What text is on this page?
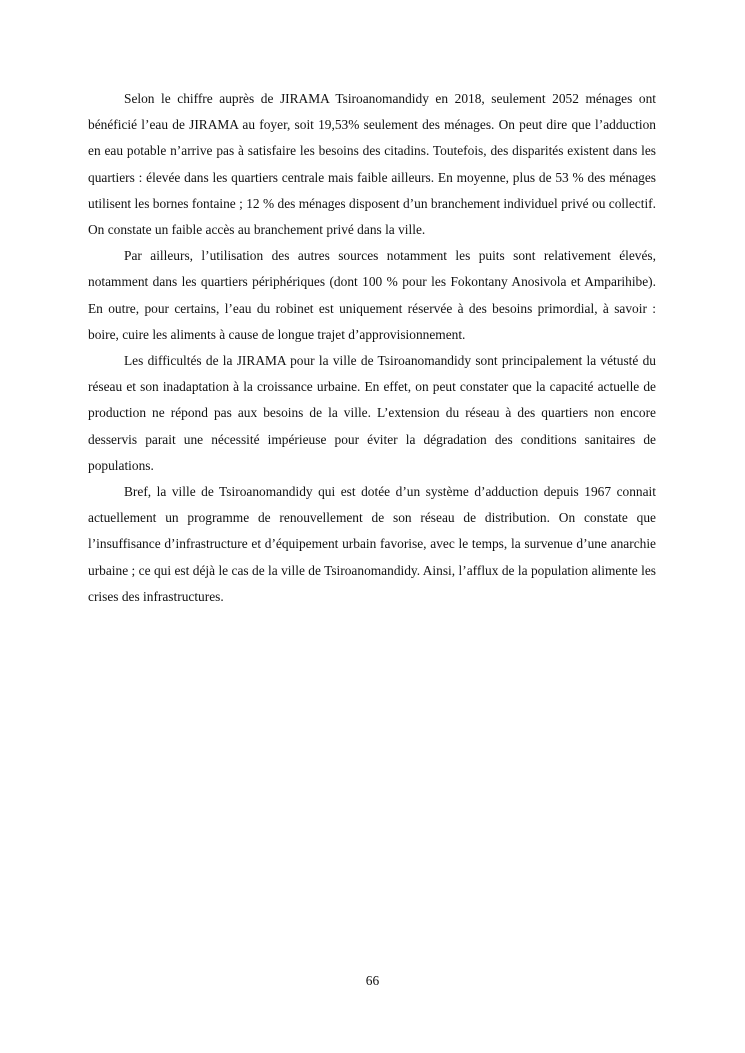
Selon le chiffre auprès de JIRAMA Tsiroanomandidy en 2018, seulement 2052 ménages ont bénéficié l’eau de JIRAMA au foyer, soit 19,53% seulement des ménages. On peut dire que l’adduction en eau potable n’arrive pas à satisfaire les besoins des citadins. Toutefois, des disparités existent dans les quartiers : élevée dans les quartiers centrale mais faible ailleurs. En moyenne, plus de 53 % des ménages utilisent les bornes fontaine ; 12 % des ménages disposent d’un branchement individuel privé ou collectif. On constate un faible accès au branchement privé dans la ville.

Par ailleurs, l’utilisation des autres sources notamment les puits sont relativement élevés, notamment dans les quartiers périphériques (dont 100 % pour les Fokontany Anosivola et Amparihibe). En outre, pour certains, l’eau du robinet est uniquement réservée à des besoins primordial, à savoir : boire, cuire les aliments à cause de longue trajet d’approvisionnement.

Les difficultés de la JIRAMA pour la ville de Tsiroanomandidy sont principalement la vétusté du réseau et son inadaptation à la croissance urbaine. En effet, on peut constater que la capacité actuelle de production ne répond pas aux besoins de la ville. L’extension du réseau à des quartiers non encore desservis parait une nécessité impérieuse pour éviter la dégradation des conditions sanitaires de populations.

Bref, la ville de Tsiroanomandidy qui est dotée d’un système d’adduction depuis 1967 connait actuellement un programme de renouvellement de son réseau de distribution. On constate que l’insuffisance d’infrastructure et d’équipement urbain favorise, avec le temps, la survenue d’une anarchie urbaine ; ce qui est déjà le cas de la ville de Tsiroanomandidy. Ainsi, l’afflux de la population alimente les crises des infrastructures.

66
